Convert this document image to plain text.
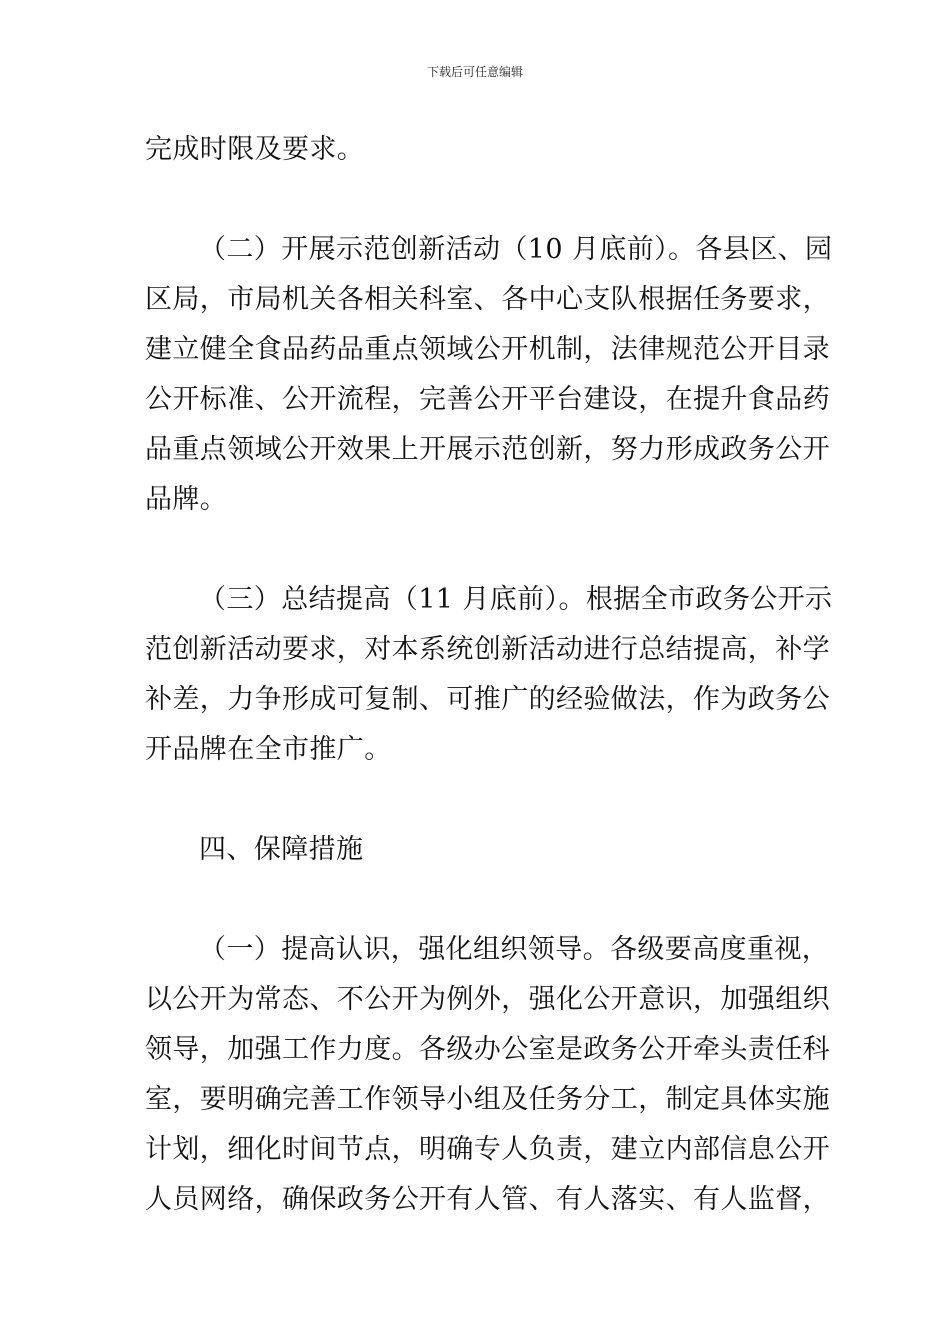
下载后可任意编辑

完成时限及要求。

（二）开展示范创新活动（10 月底前）。各县区、园
区局，市局机关各相关科室、各中心支队根据任务要求，
建立健全食品药品重点领域公开机制，法律规范公开目录
公开标准、公开流程，完善公开平台建设，在提升食品药
品重点领域公开效果上开展示范创新，努力形成政务公开
品牌。

（三）总结提高（11 月底前）。根据全市政务公开示
范创新活动要求，对本系统创新活动进行总结提高，补学
补差，力争形成可复制、可推广的经验做法，作为政务公
开品牌在全市推广。

四、保障措施

（一）提高认识，强化组织领导。各级要高度重视，
以公开为常态、不公开为例外，强化公开意识，加强组织
领导，加强工作力度。各级办公室是政务公开牵头责任科
室，要明确完善工作领导小组及任务分工，制定具体实施
计划，细化时间节点，明确专人负责，建立内部信息公开
人员网络，确保政务公开有人管、有人落实、有人监督，
